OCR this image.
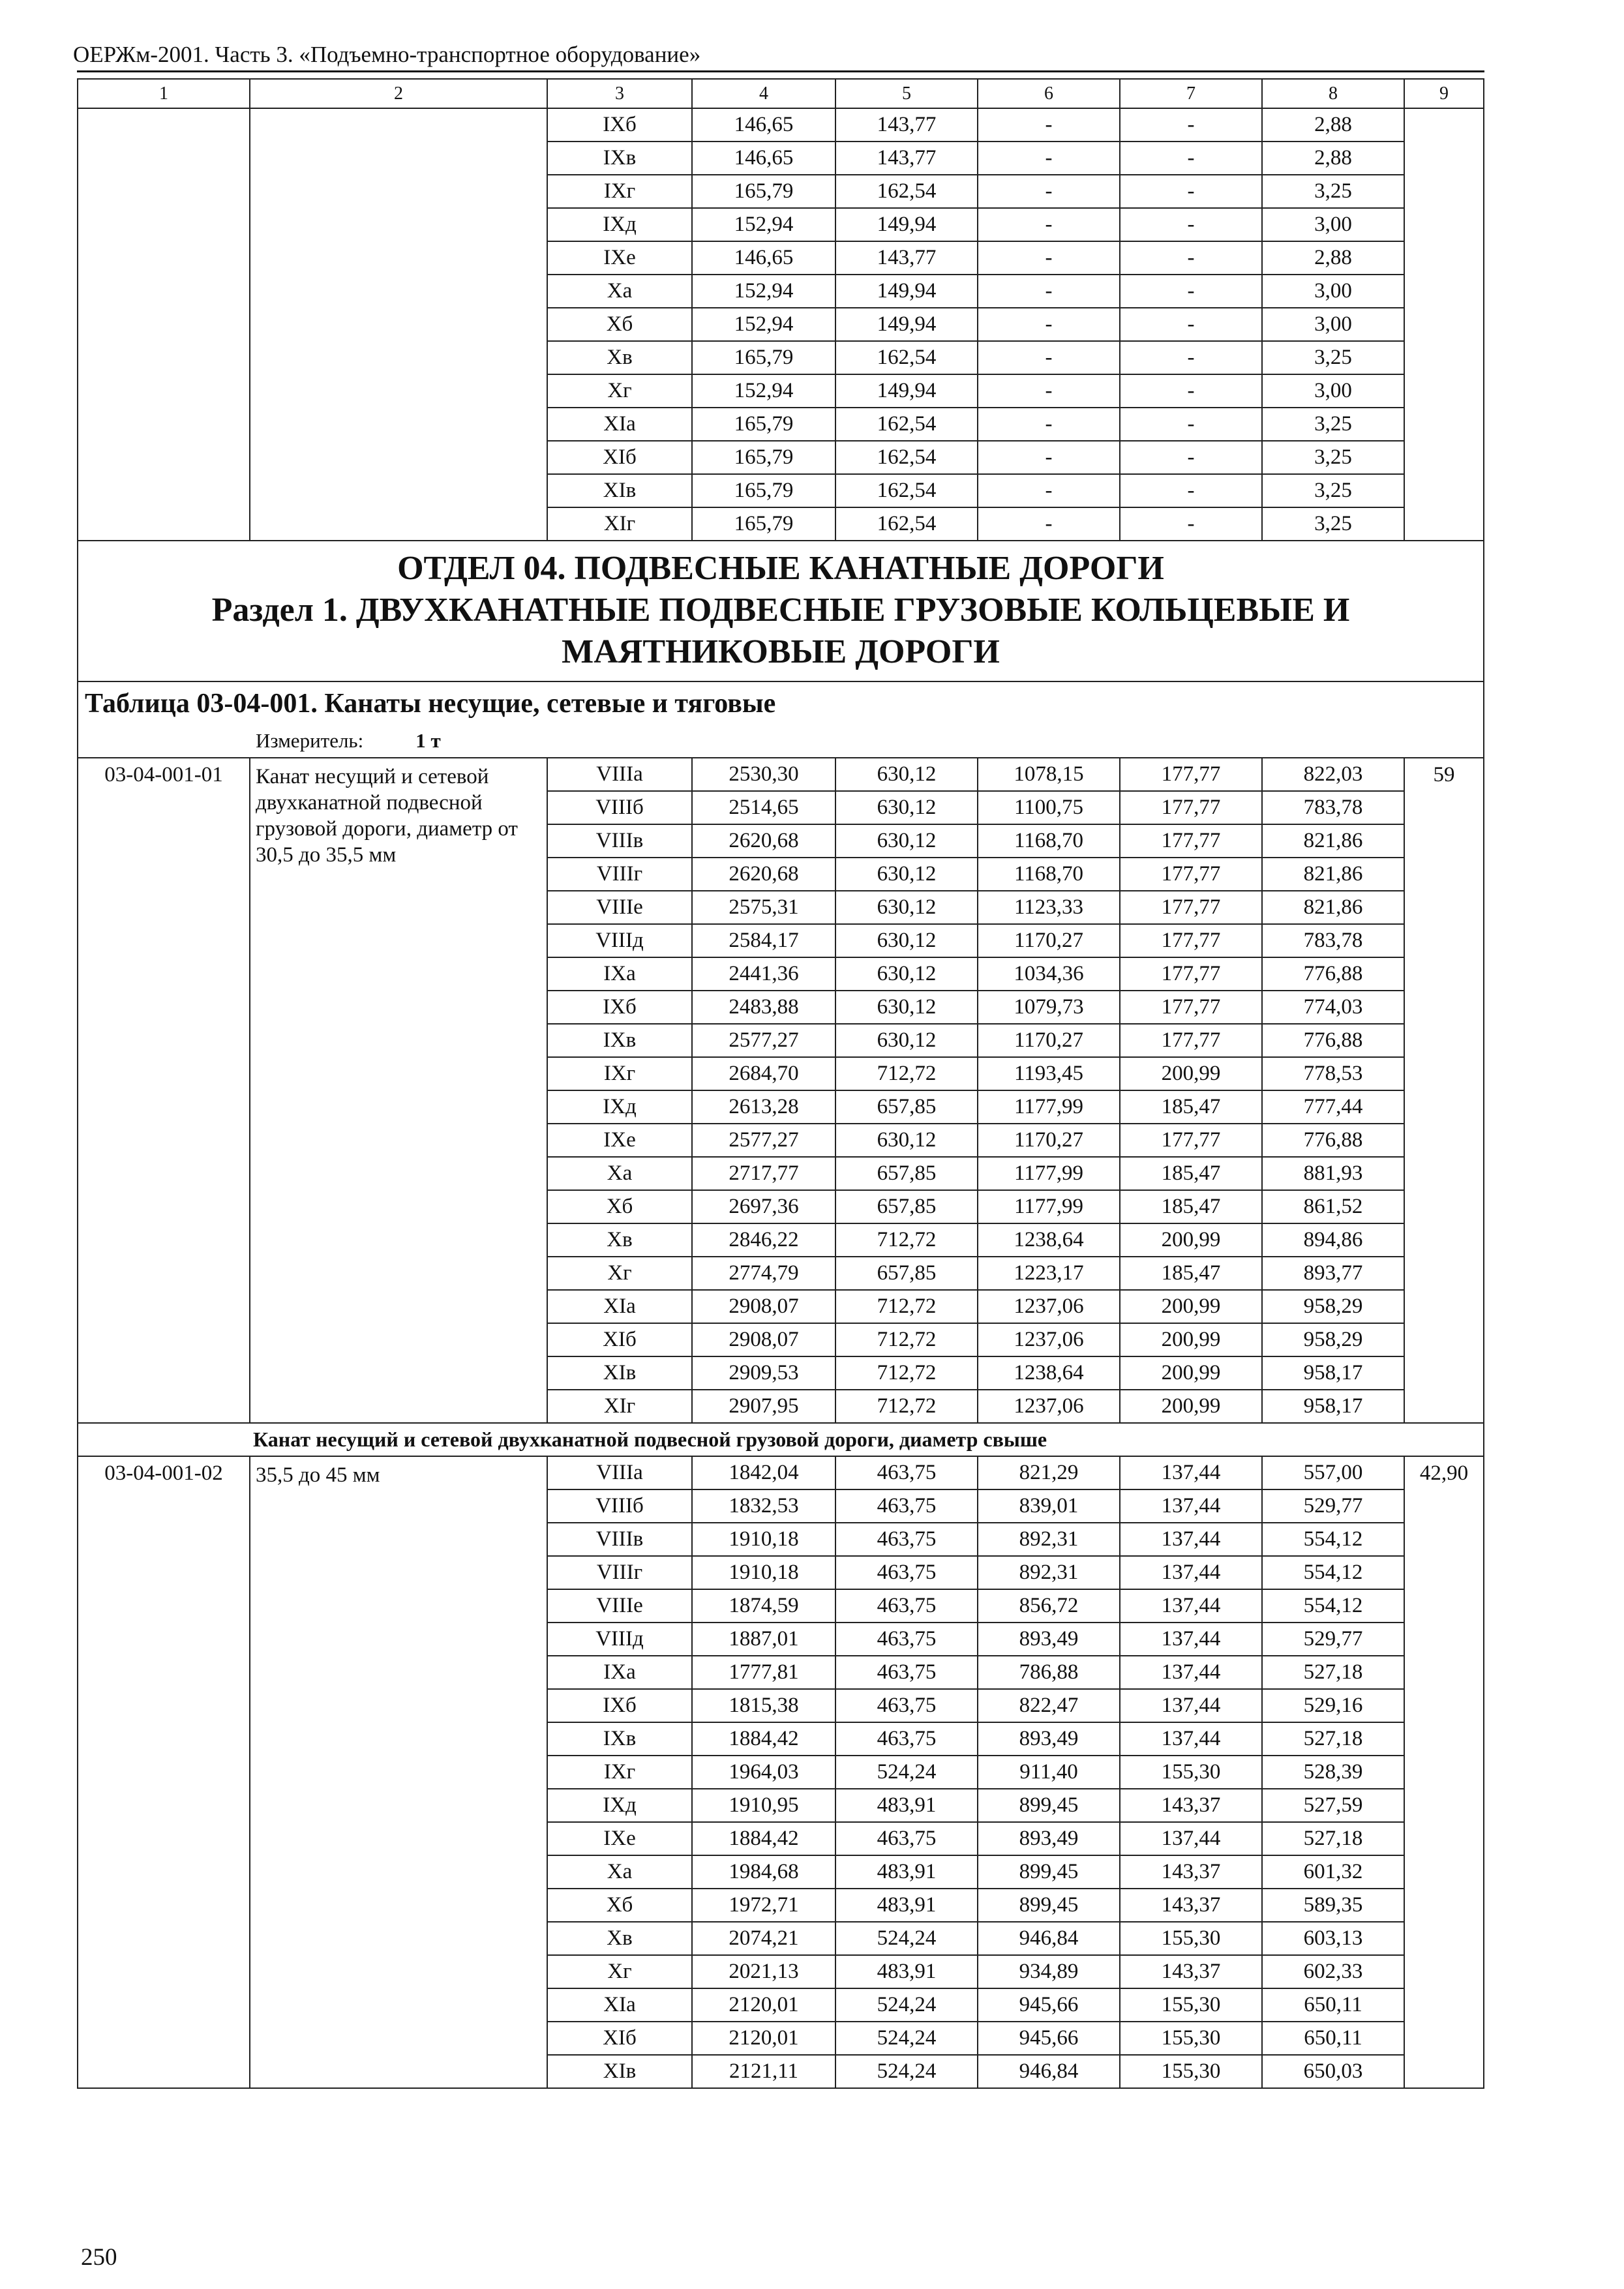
ОЕРЖм-2001. Часть 3. «Подъемно-транспортное оборудование»
1	2	3	4	5	6	7	8	9
		IXб	146,65	143,77	-	-	2,88	
		IXв	146,65	143,77	-	-	2,88	
		IXг	165,79	162,54	-	-	3,25	
		IXд	152,94	149,94	-	-	3,00	
		IXе	146,65	143,77	-	-	2,88	
		Xа	152,94	149,94	-	-	3,00	
		Xб	152,94	149,94	-	-	3,00	
		Xв	165,79	162,54	-	-	3,25	
		Xг	152,94	149,94	-	-	3,00	
		XIа	165,79	162,54	-	-	3,25	
		XIб	165,79	162,54	-	-	3,25	
		XIв	165,79	162,54	-	-	3,25	
		XIг	165,79	162,54	-	-	3,25	

ОТДЕЛ 04. ПОДВЕСНЫЕ КАНАТНЫЕ ДОРОГИ
Раздел 1. ДВУХКАНАТНЫЕ ПОДВЕСНЫЕ ГРУЗОВЫЕ КОЛЬЦЕВЫЕ И МАЯТНИКОВЫЕ ДОРОГИ								

Таблица 03-04-001. Канаты несущие, сетевые и тяговые
Измеритель: 1 т								

03-04-001-01	Канат несущий и сетевой двухканатной подвесной грузовой дороги, диаметр от 30,5 до 35,5 мм	VIIIа	2530,30	630,12	1078,15	177,77	822,03	59
		VIIIб	2514,65	630,12	1100,75	177,77	783,78	
		VIIIв	2620,68	630,12	1168,70	177,77	821,86	
		VIIIг	2620,68	630,12	1168,70	177,77	821,86	
		VIIIе	2575,31	630,12	1123,33	177,77	821,86	
		VIIIд	2584,17	630,12	1170,27	177,77	783,78	
		IXа	2441,36	630,12	1034,36	177,77	776,88	
		IXб	2483,88	630,12	1079,73	177,77	774,03	
		IXв	2577,27	630,12	1170,27	177,77	776,88	
		IXг	2684,70	712,72	1193,45	200,99	778,53	
		IXд	2613,28	657,85	1177,99	185,47	777,44	
		IXе	2577,27	630,12	1170,27	177,77	776,88	
		Xа	2717,77	657,85	1177,99	185,47	881,93	
		Xб	2697,36	657,85	1177,99	185,47	861,52	
		Xв	2846,22	712,72	1238,64	200,99	894,86	
		Xг	2774,79	657,85	1223,17	185,47	893,77	
		XIа	2908,07	712,72	1237,06	200,99	958,29	
		XIб	2908,07	712,72	1237,06	200,99	958,29	
		XIв	2909,53	712,72	1238,64	200,99	958,17	
		XIг	2907,95	712,72	1237,06	200,99	958,17	
Канат несущий и сетевой двухканатной подвесной грузовой дороги, диаметр свыше								
03-04-001-02	35,5 до 45 мм	VIIIа	1842,04	463,75	821,29	137,44	557,00	42,90
		VIIIб	1832,53	463,75	839,01	137,44	529,77	
		VIIIв	1910,18	463,75	892,31	137,44	554,12	
		VIIIг	1910,18	463,75	892,31	137,44	554,12	
		VIIIе	1874,59	463,75	856,72	137,44	554,12	
		VIIIд	1887,01	463,75	893,49	137,44	529,77	
		IXа	1777,81	463,75	786,88	137,44	527,18	
		IXб	1815,38	463,75	822,47	137,44	529,16	
		IXв	1884,42	463,75	893,49	137,44	527,18	
		IXг	1964,03	524,24	911,40	155,30	528,39	
		IXд	1910,95	483,91	899,45	143,37	527,59	
		IXе	1884,42	463,75	893,49	137,44	527,18	
		Xа	1984,68	483,91	899,45	143,37	601,32	
		Xб	1972,71	483,91	899,45	143,37	589,35	
		Xв	2074,21	524,24	946,84	155,30	603,13	
		Xг	2021,13	483,91	934,89	143,37	602,33	
		XIа	2120,01	524,24	945,66	155,30	650,11	
		XIб	2120,01	524,24	945,66	155,30	650,11	
		XIв	2121,11	524,24	946,84	155,30	650,03	
250
